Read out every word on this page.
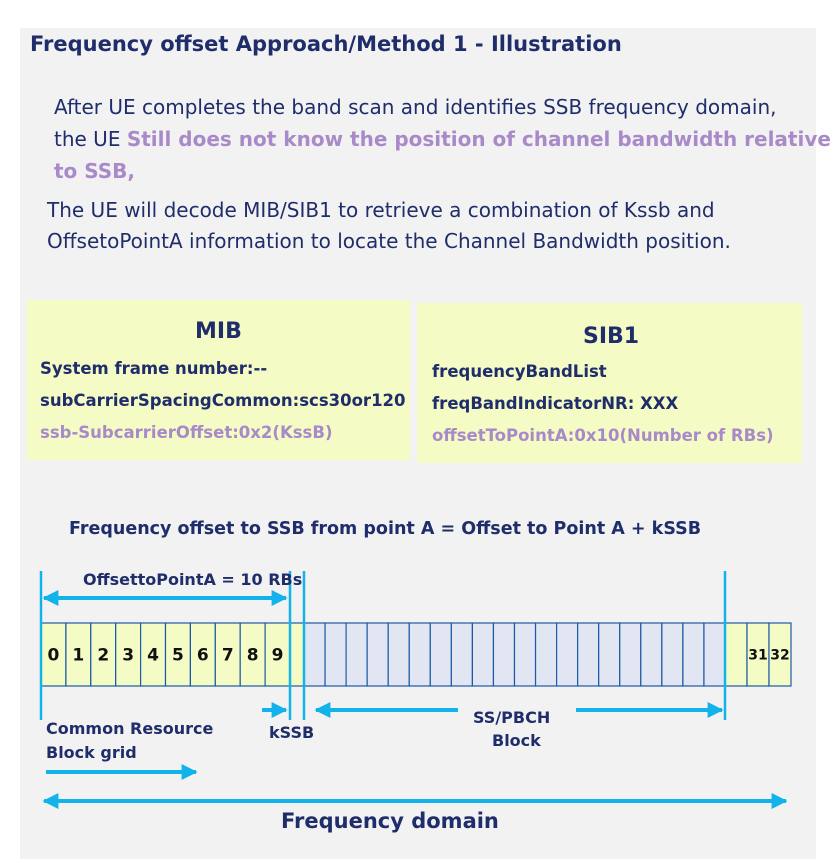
Frequency offset Approach/Method 1 - Illustration
After UE completes the band scan and identifies SSB frequency domain,
the UE Still does not know the position of channel bandwidth relative
to SSB,
The UE will decode MIB/SIB1 to retrieve a combination of Kssb and
OffsetoPointA information to locate the Channel Bandwidth position.
MIB
System frame number:--
subCarrierSpacingCommon:scs30or120
ssb-SubcarrierOffset:0x2(KssB)
SIB1
frequencyBandList
freqBandIndicatorNR: XXX
offsetToPointA:0x10(Number of RBs)
Frequency offset to SSB from point A = Offset to Point A + kSSB
0 1 2 3 4 5 6 7 8 9	31 32
OffsettoPointA = 10 RBs
kSSB
SS/PBCH
Block
Common Resource
Block grid
Frequency domain
